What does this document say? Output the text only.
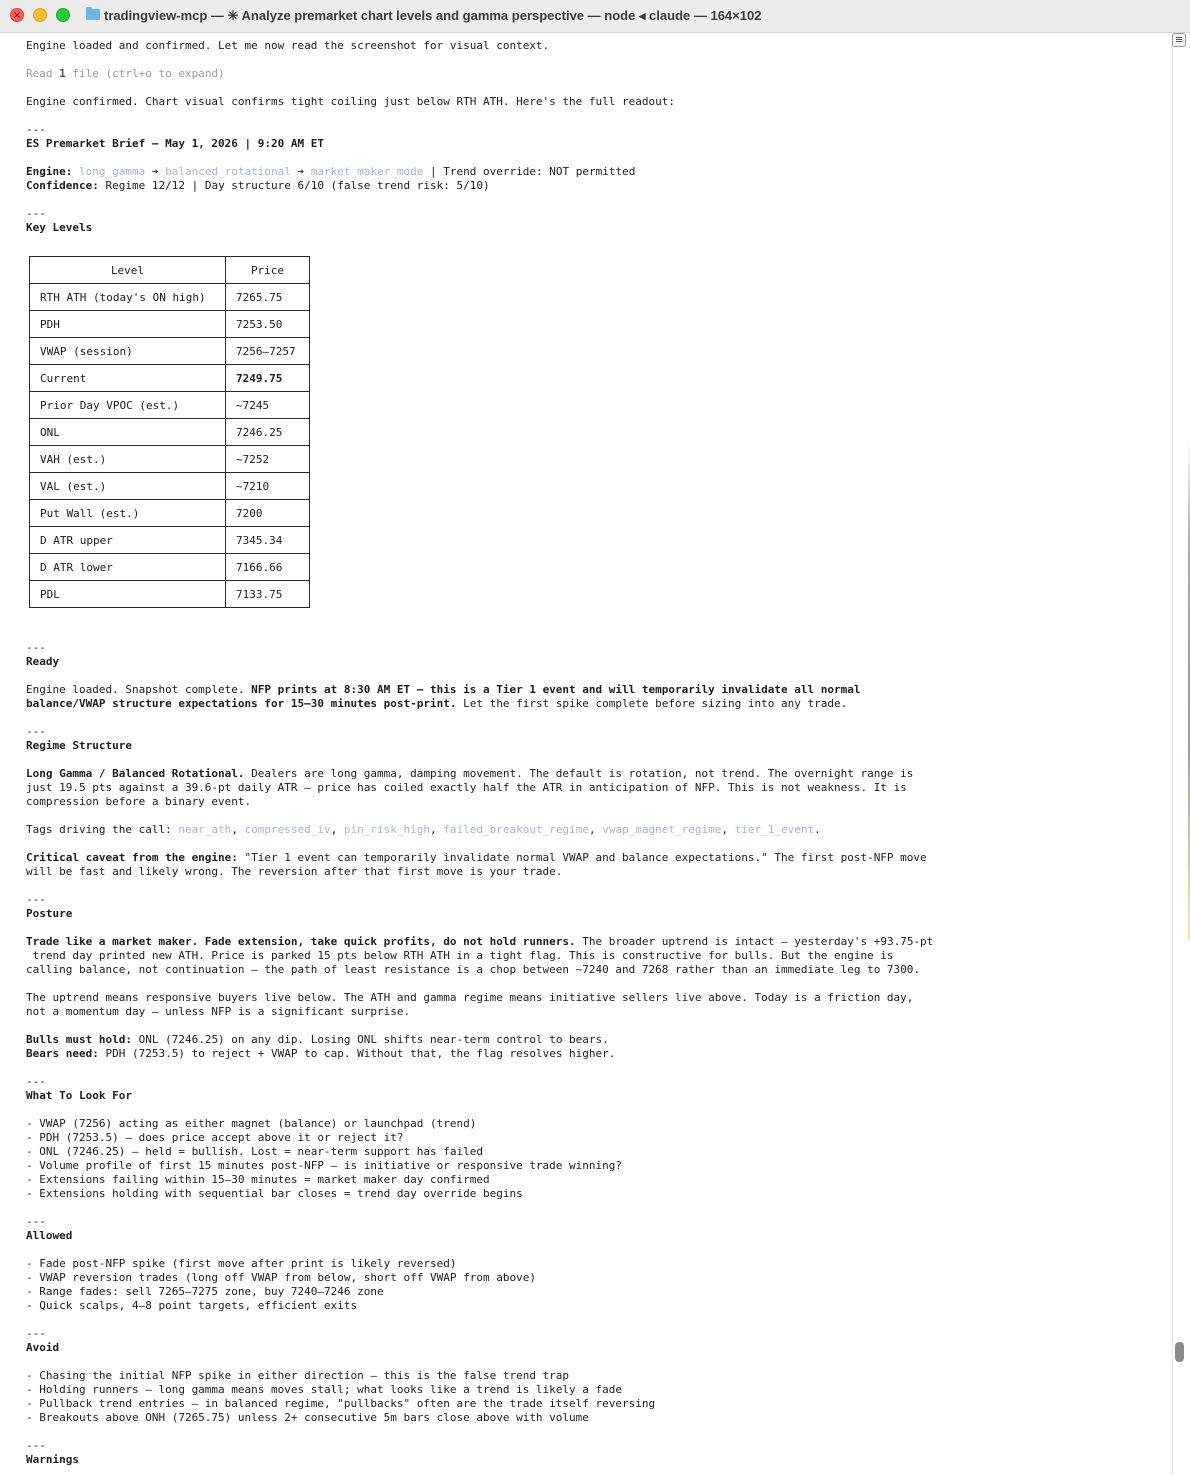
tradingview-mcp — ✳ Analyze premarket chart levels and gamma perspective — node ◂ claude — 164×102
Engine loaded and confirmed. Let me now read the screenshot for visual context.
Read 1 file (ctrl+o to expand)
Engine confirmed. Chart visual confirms tight coiling just below RTH ATH. Here's the full readout:
---
ES Premarket Brief — May 1, 2026 | 9:20 AM ET
Engine: long_gamma ➔ balanced_rotational ➔ market_maker_mode | Trend override: NOT permitted
Confidence: Regime 12/12 | Day structure 6/10 (false trend risk: 5/10)
---
Key Levels
Level	Price
RTH ATH (today's ON high)	7265.75
PDH	7253.50
VWAP (session)	7256–7257
Current	7249.75
Prior Day VPOC (est.)	~7245
ONL	7246.25
VAH (est.)	~7252
VAL (est.)	~7210
Put Wall (est.)	7200
D ATR upper	7345.34
D ATR lower	7166.66
PDL	7133.75
---
Ready
Engine loaded. Snapshot complete. NFP prints at 8:30 AM ET — this is a Tier 1 event and will temporarily invalidate all normal
balance/VWAP structure expectations for 15–30 minutes post-print. Let the first spike complete before sizing into any trade.
---
Regime Structure
Long Gamma / Balanced Rotational. Dealers are long gamma, damping movement. The default is rotation, not trend. The overnight range is
just 19.5 pts against a 39.6-pt daily ATR — price has coiled exactly half the ATR in anticipation of NFP. This is not weakness. It is
compression before a binary event.
Tags driving the call: near_ath, compressed_iv, pin_risk_high, failed_breakout_regime, vwap_magnet_regime, tier_1_event.
Critical caveat from the engine: "Tier 1 event can temporarily invalidate normal VWAP and balance expectations." The first post-NFP move
will be fast and likely wrong. The reversion after that first move is your trade.
---
Posture
Trade like a market maker. Fade extension, take quick profits, do not hold runners. The broader uptrend is intact — yesterday's +93.75-pt
trend day printed new ATH. Price is parked 15 pts below RTH ATH in a tight flag. This is constructive for bulls. But the engine is
calling balance, not continuation — the path of least resistance is a chop between ~7240 and 7268 rather than an immediate leg to 7300.
The uptrend means responsive buyers live below. The ATH and gamma regime means initiative sellers live above. Today is a friction day,
not a momentum day — unless NFP is a significant surprise.
Bulls must hold: ONL (7246.25) on any dip. Losing ONL shifts near-term control to bears.
Bears need: PDH (7253.5) to reject + VWAP to cap. Without that, the flag resolves higher.
---
What To Look For
- VWAP (7256) acting as either magnet (balance) or launchpad (trend)
- PDH (7253.5) — does price accept above it or reject it?
- ONL (7246.25) — held = bullish. Lost = near-term support has failed
- Volume profile of first 15 minutes post-NFP — is initiative or responsive trade winning?
- Extensions failing within 15–30 minutes = market maker day confirmed
- Extensions holding with sequential bar closes = trend day override begins
---
Allowed
- Fade post-NFP spike (first move after print is likely reversed)
- VWAP reversion trades (long off VWAP from below, short off VWAP from above)
- Range fades: sell 7265–7275 zone, buy 7240–7246 zone
- Quick scalps, 4–8 point targets, efficient exits
---
Avoid
- Chasing the initial NFP spike in either direction — this is the false trend trap
- Holding runners — long gamma means moves stall; what looks like a trend is likely a fade
- Pullback trend entries — in balanced regime, "pullbacks" often are the trade itself reversing
- Breakouts above ONH (7265.75) unless 2+ consecutive 5m bars close above with volume
---
Warnings
